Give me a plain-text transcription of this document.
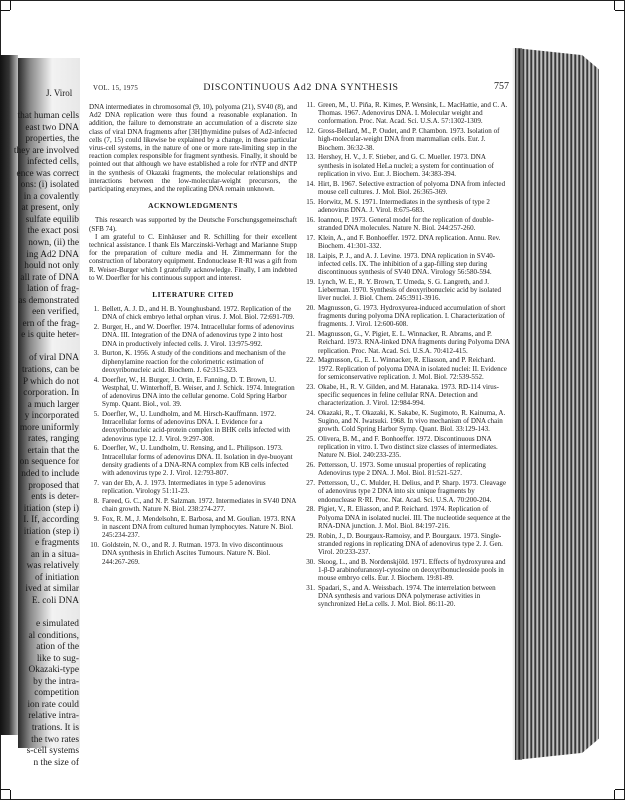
J. Virol
that human cells
east two DNA
properties, the
they are involved
infected cells,
ence was correct
ons: (i) isolated
in a covalently
at present, only
sulfate equilib
the exact posi
nown, (ii) the
ing Ad2 DNA
hould not only
all rate of DNA
lation of frag-
as demonstrated
een verified,
ern of the frag-
e is quite heter-
of viral DNA
trations, can be
P which do not
corporation. In
a much larger
y incorporated
more uniformly
rates, ranging
ertain that the
on sequence for
nded to include
proposed that
ents is deter-
itiation (step i)
I. If, according
itiation (step i)
e fragments
an in a situa-
was relatively
of initiation
ived at similar
E. coli DNA
e simulated
al conditions,
ation of the
like to sug-
Okazaki-type
by the intra-
competition
ion rate could
relative intra-
trations. It is
the two rates
s-cell systems
n the size of
VOL. 15, 1975	DISCONTINUOUS Ad2 DNA SYNTHESIS	757

DNA intermediates in chromosomal (9, 10), polyoma (21), SV40 (8), and Ad2 DNA replication were thus found a reasonable explanation. In addition, the failure to demonstrate an accumulation of a discrete size class of viral DNA fragments after [3H]thymidine pulses of Ad2-infected cells (7, 15) could likewise be explained by a change, in these particular virus-cell systems, in the nature of one or more rate-limiting step in the reaction complex responsible for fragment synthesis. Finally, it should be pointed out that although we have established a role for rNTP and dNTP in the synthesis of Okazaki fragments, the molecular relationships and interactions between the low-molecular-weight precursors, the participating enzymes, and the replicating DNA remain unknown.

ACKNOWLEDGMENTS

This research was supported by the Deutsche Forschungsgemeinschaft (SFB 74).

I am grateful to C. Einhäuser and R. Schilling for their excellent technical assistance. I thank Els Marczinski-Verhagt and Marianne Stupp for the preparation of culture media and H. Zimmermann for the construction of laboratory equipment. Endonuclease R·RI was a gift from R. Weiser-Burger which I gratefully acknowledge. Finally, I am indebted to W. Doerfler for his continuous support and interest.

LITERATURE CITED
1. Bellett, A. J. D., and H. B. Younghusband. 1972. Replication of the DNA of chick embryo lethal orphan virus. J. Mol. Biol. 72:691-709.
2. Burger, H., and W. Doerfler. 1974. Intracellular forms of adenovirus DNA. III. Integration of the DNA of adenovirus type 2 into host DNA in productively infected cells. J. Virol. 13:975-992.
3. Burton, K. 1956. A study of the conditions and mechanism of the diphenylamine reaction for the colorimetric estimation of deoxyribonucleic acid. Biochem. J. 62:315-323.
4. Doerfler, W., H. Burger, J. Ortin, E. Fanning, D. T. Brown, U. Westphal, U. Winterhoff, B. Weiser, and J. Schick. 1974. Integration of adenovirus DNA into the cellular genome. Cold Spring Harbor Symp. Quant. Biol., vol. 39.
5. Doerfler, W., U. Lundholm, and M. Hirsch-Kauffmann. 1972. Intracellular forms of adenovirus DNA. I. Evidence for a deoxyribonucleic acid-protein complex in BHK cells infected with adenovirus type 12. J. Virol. 9:297-308.
6. Doerfler, W., U. Lundholm, U. Rensing, and L. Philipson. 1973. Intracellular forms of adenovirus DNA. II. Isolation in dye-buoyant density gradients of a DNA-RNA complex from KB cells infected with adenovirus type 2. J. Virol. 12:793-807.
7. van der Eb, A. J. 1973. Intermediates in type 5 adenovirus replication. Virology 51:11-23.
8. Fareed, G. C., and N. P. Salzman. 1972. Intermediates in SV40 DNA chain growth. Nature N. Biol. 238:274-277.
9. Fox, R. M., J. Mendelsohn, E. Barbosa, and M. Goulian. 1973. RNA in nascent DNA from cultured human lymphocytes. Nature N. Biol. 245:234-237.
10. Goldstein, N. O., and R. J. Rutman. 1973. In vivo discontinuous DNA synthesis in Ehrlich Ascites Tumours. Nature N. Biol. 244:267-269.
11. Green, M., U. Piña, R. Kimes, P. Wensink, L. MacHattie, and C. A. Thomas. 1967. Adenovirus DNA. I. Molecular weight and conformation. Proc. Nat. Acad. Sci. U.S.A. 57:1302-1309.
12. Gross-Bellard, M., P. Oudet, and P. Chambon. 1973. Isolation of high-molecular-weight DNA from mammalian cells. Eur. J. Biochem. 36:32-38.
13. Hershey, H. V., J. F. Stieber, and G. C. Mueller. 1973. DNA synthesis in isolated HeLa nuclei; a system for continuation of replication in vivo. Eur. J. Biochem. 34:383-394.
14. Hirt, B. 1967. Selective extraction of polyoma DNA from infected mouse cell cultures. J. Mol. Biol. 26:365-369.
15. Horwitz, M. S. 1971. Intermediates in the synthesis of type 2 adenovirus DNA. J. Virol. 8:675-683.
16. Ioannou, P. 1973. General model for the replication of double-stranded DNA molecules. Nature N. Biol. 244:257-260.
17. Klein, A., and F. Bonhoeffer. 1972. DNA replication. Annu. Rev. Biochem. 41:301-332.
18. Laipis, P. J., and A. J. Levine. 1973. DNA replication in SV40-infected cells. IX. The inhibition of a gap-filling step during discontinuous synthesis of SV40 DNA. Virology 56:580-594.
19. Lynch, W. E., R. Y. Brown, T. Umeda, S. G. Langreth, and J. Lieberman. 1970. Synthesis of deoxyribonucleic acid by isolated liver nuclei. J. Biol. Chem. 245:3911-3916.
20. Magnusson, G. 1973. Hydroxyurea-induced accumulation of short fragments during polyoma DNA replication. I. Characterization of fragments. J. Virol. 12:600-608.
21. Magnusson, G., V. Pigiet, E. L. Winnacker, R. Abrams, and P. Reichard. 1973. RNA-linked DNA fragments during Polyoma DNA replication. Proc. Nat. Acad. Sci. U.S.A. 70:412-415.
22. Magnusson, G., E. L. Winnacker, R. Eliasson, and P. Reichard. 1972. Replication of polyoma DNA in isolated nuclei: II. Evidence for semiconservative replication. J. Mol. Biol. 72:539-552.
23. Okabe, H., R. V. Gilden, and M. Hatanaka. 1973. RD-114 virus-specific sequences in feline cellular RNA. Detection and characterization. J. Virol. 12:984-994.
24. Okazaki, R., T. Okazaki, K. Sakabe, K. Sugimoto, R. Kainuma, A. Sugino, and N. Iwatsuki. 1968. In vivo mechanism of DNA chain growth. Cold Spring Harbor Symp. Quant. Biol. 33:129-143.
25. Olivera, B. M., and F. Bonhoeffer. 1972. Discontinuous DNA replication in vitro. I. Two distinct size classes of intermediates. Nature N. Biol. 240:233-235.
26. Pettersson, U. 1973. Some unusual properties of replicating Adenovirus type 2 DNA. J. Mol. Biol. 81:521-527.
27. Pettersson, U., C. Mulder, H. Delius, and P. Sharp. 1973. Cleavage of adenovirus type 2 DNA into six unique fragments by endonuclease R·RI. Proc. Nat. Acad. Sci. U.S.A. 70:200-204.
28. Pigiet, V., R. Eliasson, and P. Reichard. 1974. Replication of Polyoma DNA in isolated nuclei. III. The nucleotide sequence at the RNA-DNA junction. J. Mol. Biol. 84:197-216.
29. Robin, J., D. Bourgaux-Ramoisy, and P. Bourgaux. 1973. Single-stranded regions in replicating DNA of adenovirus type 2. J. Gen. Virol. 20:233-237.
30. Skoog, L., and B. Nordenskjöld. 1971. Effects of hydroxyurea and 1-β-D arabinofuranosyl-cytosine on deoxyribonucleoside pools in mouse embryo cells. Eur. J. Biochem. 19:81-89.
31. Spadari, S., and A. Weissbach. 1974. The interrelation between DNA synthesis and various DNA polymerase activities in synchronized HeLa cells. J. Mol. Biol. 86:11-20.
